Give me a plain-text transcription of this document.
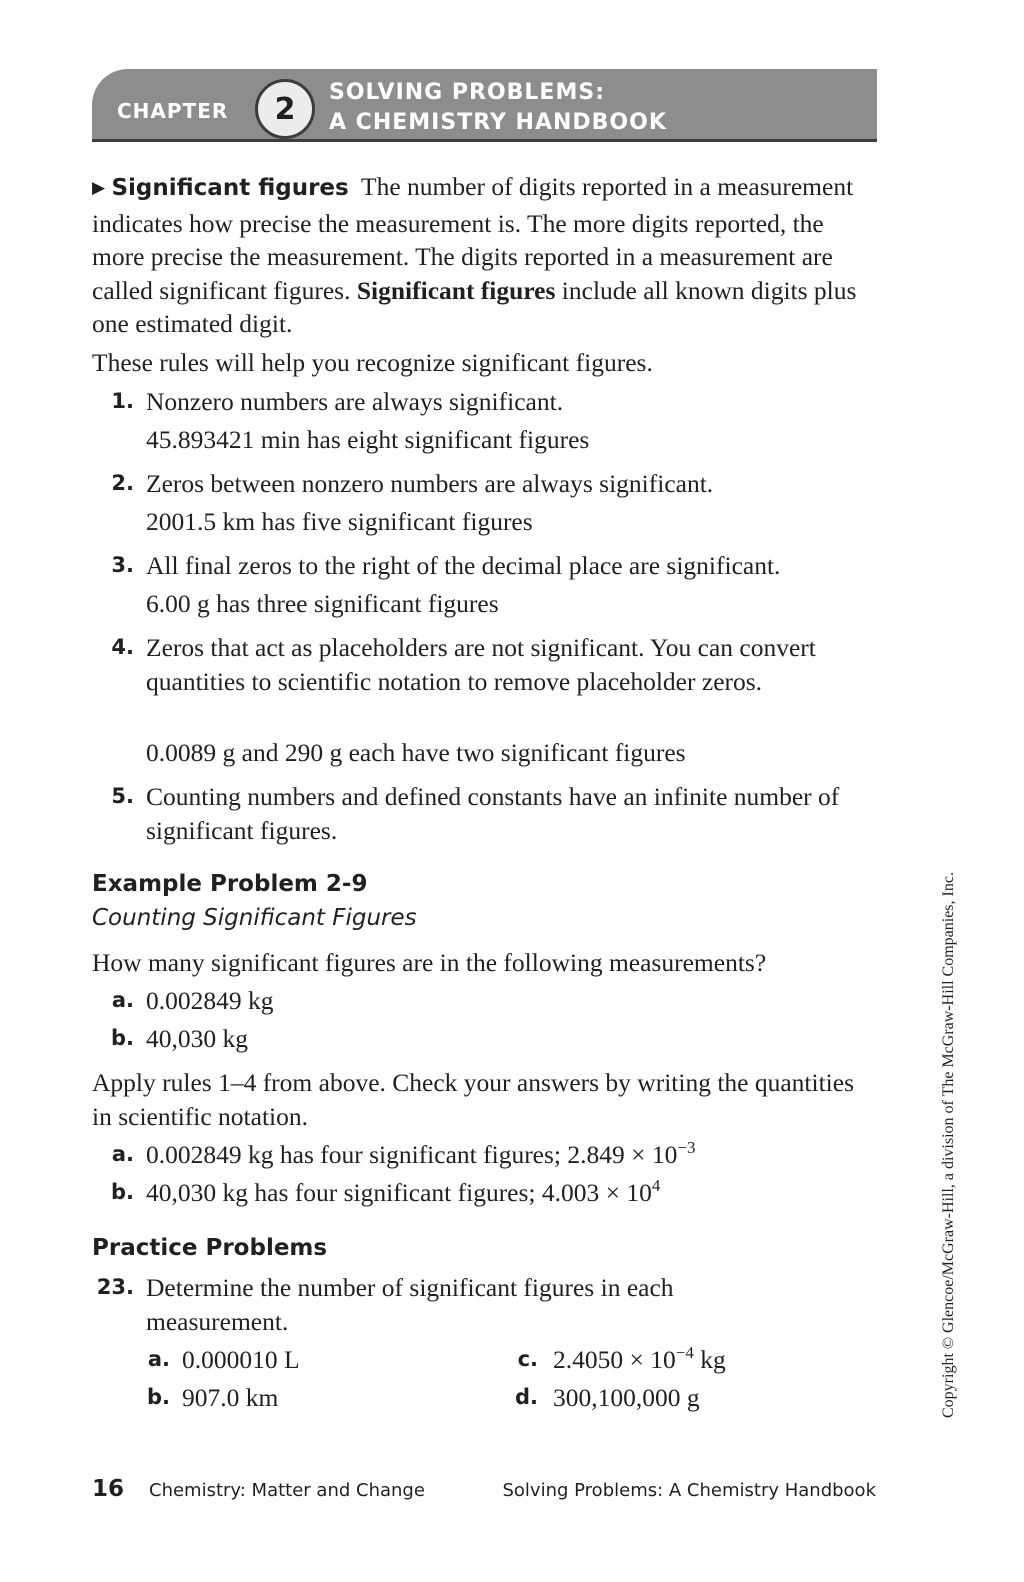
CHAPTER 2 SOLVING PROBLEMS:
A CHEMISTRY HANDBOOK

▶ Significant figures The number of digits reported in a measurement indicates how precise the measurement is. The more digits reported, the more precise the measurement. The digits reported in a measurement are called significant figures. Significant figures include all known digits plus one estimated digit.

These rules will help you recognize significant figures.

1. Nonzero numbers are always significant.

45.893421 min has eight significant figures

2. Zeros between nonzero numbers are always significant.

2001.5 km has five significant figures

3. All final zeros to the right of the decimal place are significant.

6.00 g has three significant figures

4. Zeros that act as placeholders are not significant. You can convert quantities to scientific notation to remove placeholder zeros.

0.0089 g and 290 g each have two significant figures

5. Counting numbers and defined constants have an infinite number of significant figures.

Example Problem 2-9
Counting Significant Figures

How many significant figures are in the following measurements?

a. 0.002849 kg

b. 40,030 kg

Apply rules 1–4 from above. Check your answers by writing the quantities in scientific notation.

a. 0.002849 kg has four significant figures; $2.849 \times 10^{-3}$

b. 40,030 kg has four significant figures; $4.003 \times 10^4$

Practice Problems
23. Determine the number of significant figures in each measurement.

a. 0.000010 L

b. 907.0 km

c. $2.4050 \times 10^{-4}$ kg

d. 300,100,000 g	Copyright © Glencoe/McGraw-Hill, a division of The McGraw-Hill Companies, Inc.
16 Chemistry: Matter and Change	Solving Problems: A Chemistry Handbook
